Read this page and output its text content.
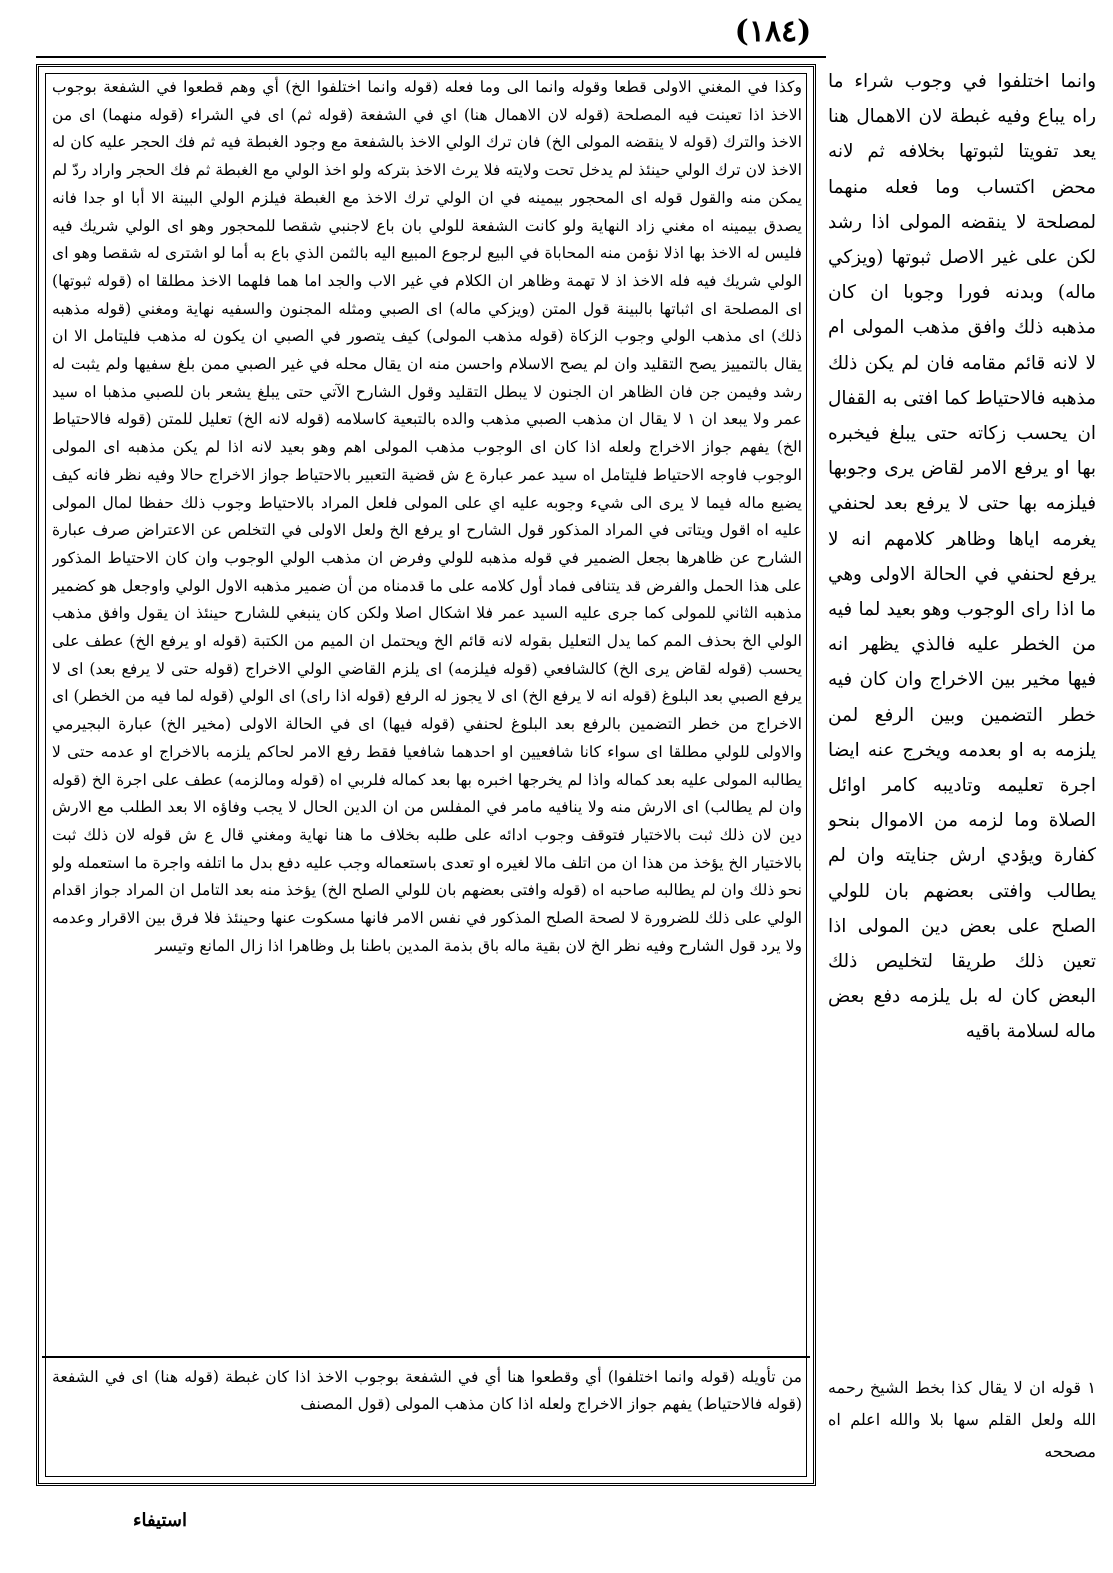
(١٨٤)
وكذا في المغني الاولى قطعا وقوله وانما الى وما فعله (قوله وانما اختلفوا الخ) أي وهم قطعوا في الشفعة بوجوب الاخذ اذا تعينت فيه المصلحة (قوله لان الاهمال هنا) اي في الشفعة (قوله ثم) اى في الشراء (قوله منهما) اى من الاخذ والترك (قوله لا ينقضه المولى الخ) فان ترك الولي الاخذ بالشفعة مع وجود الغبطة فيه ثم فك الحجر عليه كان له الاخذ لان ترك الولي حينئذ لم يدخل تحت ولايته فلا يرث الاخذ بتركه ولو اخذ الولي مع الغبطة ثم فك الحجر واراد ردّ لم يمكن منه والقول قوله اى المحجور بيمينه في ان الولي ترك الاخذ مع الغبطة فيلزم الولي البينة الا أبا او جدا فانه يصدق بيمينه اه مغني زاد النهاية ولو كانت الشفعة للولي بان باع لاجنبي شقصا للمحجور وهو اى الولي شريك فيه فليس له الاخذ بها اذلا نؤمن منه المحاباة في البيع لرجوع المبيع اليه بالثمن الذي باع به أما لو اشترى له شقصا وهو اى الولي شريك فيه فله الاخذ اذ لا تهمة وظاهر ان الكلام في غير الاب والجد اما هما فلهما الاخذ مطلقا اه (قوله ثبوتها) اى المصلحة اى اثباتها بالبينة قول المتن (ويزكي ماله) اى الصبي ومثله المجنون والسفيه نهاية ومغني (قوله مذهبه ذلك) اى مذهب الولي وجوب الزكاة (قوله مذهب المولى) كيف يتصور في الصبي ان يكون له مذهب فليتامل الا ان يقال بالتمييز يصح التقليد وان لم يصح الاسلام واحسن منه ان يقال محله في غير الصبي ممن بلغ سفيها ولم يثبت له رشد وفيمن جن فان الظاهر ان الجنون لا يبطل التقليد وقول الشارح الآتي حتى يبلغ يشعر بان للصبي مذهبا اه سيد عمر ولا يبعد ان ١ لا يقال ان مذهب الصبي مذهب والده بالتبعية كاسلامه (قوله لانه الخ) تعليل للمتن (قوله فالاحتياط الخ) يفهم جواز الاخراج ولعله اذا كان اى الوجوب مذهب المولى اهم وهو بعيد لانه اذا لم يكن مذهبه اى المولى الوجوب فاوجه الاحتياط فليتامل اه سيد عمر عبارة ع ش قضية التعبير بالاحتياط جواز الاخراج حالا وفيه نظر فانه كيف يضيع ماله فيما لا يرى الى شيء وجوبه عليه اي على المولى فلعل المراد بالاحتياط وجوب ذلك حفظا لمال المولى عليه اه اقول ويتاتى في المراد المذكور قول الشارح او يرفع الخ ولعل الاولى في التخلص عن الاعتراض صرف عبارة الشارح عن ظاهرها بجعل الضمير في قوله مذهبه للولي وفرض ان مذهب الولي الوجوب وان كان الاحتياط المذكور على هذا الحمل والفرض قد يتنافى فماد أول كلامه على ما قدمناه من أن ضمير مذهبه الاول الولي واوجعل هو كضمير مذهبه الثاني للمولى كما جرى عليه السيد عمر فلا اشكال اصلا ولكن كان ينبغي للشارح حينئذ ان يقول وافق مذهب الولي الخ بحذف المم كما يدل التعليل بقوله لانه قائم الخ ويحتمل ان الميم من الكتبة (قوله او يرفع الخ) عطف على يحسب (قوله لقاض يرى الخ) كالشافعي (قوله فيلزمه) اى يلزم القاضي الولي الاخراج (قوله حتى لا يرفع بعد) اى لا يرفع الصبي بعد البلوغ (قوله انه لا يرفع الخ) اى لا يجوز له الرفع (قوله اذا راى) اى الولي (قوله لما فيه من الخطر) اى الاخراج من خطر التضمين بالرفع بعد البلوغ لحنفي (قوله فيها) اى في الحالة الاولى (مخير الخ) عبارة البجيرمي والاولى للولي مطلقا اى سواء كانا شافعيين او احدهما شافعيا فقط رفع الامر لحاكم يلزمه بالاخراج او عدمه حتى لا يطالبه المولى عليه بعد كماله واذا لم يخرجها اخبره بها بعد كماله فلربي اه (قوله ومالزمه) عطف على اجرة الخ (قوله وان لم يطالب) اى الارش منه ولا ينافيه مامر في المفلس من ان الدين الحال لا يجب وفاؤه الا بعد الطلب مع الارش دين لان ذلك ثبت بالاختيار فتوقف وجوب ادائه على طلبه بخلاف ما هنا نهاية ومغني قال ع ش قوله لان ذلك ثبت بالاختيار الخ يؤخذ من هذا ان من اتلف مالا لغيره او تعدى باستعماله وجب عليه دفع بدل ما اتلفه واجرة ما استعمله ولو نحو ذلك وان لم يطالبه صاحبه اه (قوله وافتى بعضهم بان للولي الصلح الخ) يؤخذ منه بعد التامل ان المراد جواز اقدام الولي على ذلك للضرورة لا لصحة الصلح المذكور في نفس الامر فانها مسكوت عنها وحينئذ فلا فرق بين الاقرار وعدمه ولا يرد قول الشارح وفيه نظر الخ لان بقية ماله باق بذمة المدين باطنا بل وظاهرا اذا زال المانع وتيسر
من تأويله (قوله وانما اختلفوا) أي وقطعوا هنا أي في الشفعة بوجوب الاخذ اذا كان غبطة (قوله هنا) اى في الشفعة (قوله فالاحتياط) يفهم جواز الاخراج ولعله اذا كان مذهب المولى (قول المصنف
وانما اختلفوا في وجوب شراء ما راه يباع وفيه غبطة لان الاهمال هنا يعد تفويتا لثبوتها بخلافه ثم لانه محض اكتساب وما فعله منهما لمصلحة لا ينقضه المولى اذا رشد لكن على غير الاصل ثبوتها (ويزكي ماله) وبدنه فورا وجوبا ان كان مذهبه ذلك وافق مذهب المولى ام لا لانه قائم مقامه فان لم يكن ذلك مذهبه فالاحتياط كما افتى به القفال ان يحسب زكاته حتى يبلغ فيخبره بها او يرفع الامر لقاض يرى وجوبها فيلزمه بها حتى لا يرفع بعد لحنفي يغرمه اياها وظاهر كلامهم انه لا يرفع لحنفي في الحالة الاولى وهي ما اذا راى الوجوب وهو بعيد لما فيه من الخطر عليه فالذي يظهر انه فيها مخير بين الاخراج وان كان فيه خطر التضمين وبين الرفع لمن يلزمه به او بعدمه ويخرج عنه ايضا اجرة تعليمه وتاديبه كامر اوائل الصلاة وما لزمه من الاموال بنحو كفارة ويؤدي ارش جنايته وان لم يطالب وافتى بعضهم بان للولي الصلح على بعض دين المولى اذا تعين ذلك طريقا لتخليص ذلك البعض كان له بل يلزمه دفع بعض ماله لسلامة باقيه
١ قوله ان لا يقال كذا بخط الشيخ رحمه الله ولعل القلم سها بلا والله اعلم اه مصححه
استيفاء
